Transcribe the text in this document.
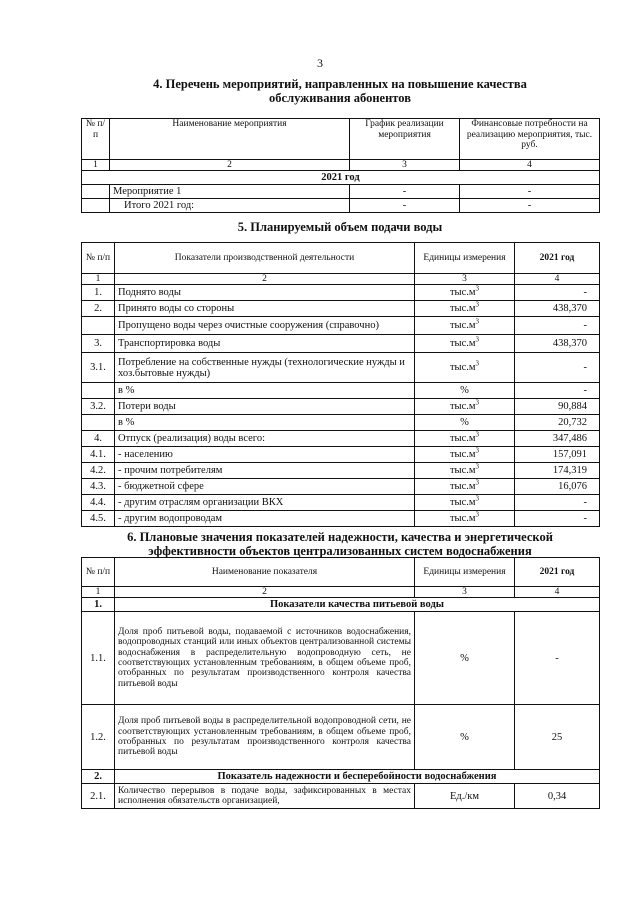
3
4. Перечень мероприятий, направленных на повышение качества
обслуживания абонентов
№ п/п	Наименование мероприятия	График реализации мероприятия	Финансовые потребности на реализацию мероприятия, тыс. руб.
1	2	3	4
2021 год			
	Мероприятие 1	-	-
	Итого 2021 год:	-	-
5. Планируемый объем подачи воды
№ п/п	Показатели производственной деятельности	Единицы измерения	2021 год
1	2	3	4
1.	Поднято воды	$тыс.м^3$	-
2.	Принято воды со стороны	$тыс.м^3$	438,370
	Пропущено воды через очистные сооружения (справочно)	$тыс.м^3$	-
3.	Транспортировка воды	$тыс.м^3$	438,370
3.1.	Потребление на собственные нужды (технологические нужды и хоз.бытовые нужды)	$тыс.м^3$	-
	в %	%	-
3.2.	Потери воды	$тыс.м^3$	90,884
	в %	%	20,732
4.	Отпуск (реализация) воды всего:	$тыс.м^3$	347,486
4.1.	- населению	$тыс.м^3$	157,091
4.2.	- прочим потребителям	$тыс.м^3$	174,319
4.3.	- бюджетной сфере	$тыс.м^3$	16,076
4.4.	- другим отраслям организации ВКХ	$тыс.м^3$	-
4.5.	- другим водопроводам	$тыс.м^3$	-
6. Плановые значения показателей надежности, качества и энергетической
эффективности объектов централизованных систем водоснабжения
№ п/п	Наименование показателя	Единицы измерения	2021 год
1	2	3	4
1.	Показатели качества питьевой воды		
1.1.	Доля проб питьевой воды, подаваемой с источников водоснабжения, водопроводных станций или иных объектов централизованной системы водоснабжения в распределительную водопроводную сеть, не соответствующих установленным требованиям, в общем объеме проб, отобранных по результатам производственного контроля качества питьевой воды	%	-
1.2.	Доля проб питьевой воды в распределительной водопроводной сети, не соответствующих установленным требованиям, в общем объеме проб, отобранных по результатам производственного контроля качества питьевой воды	%	25
2.	Показатель надежности и бесперебойности водоснабжения		
2.1.	Количество перерывов в подаче воды, зафиксированных в местах исполнения обязательств организацией,	Ед./км	0,34
